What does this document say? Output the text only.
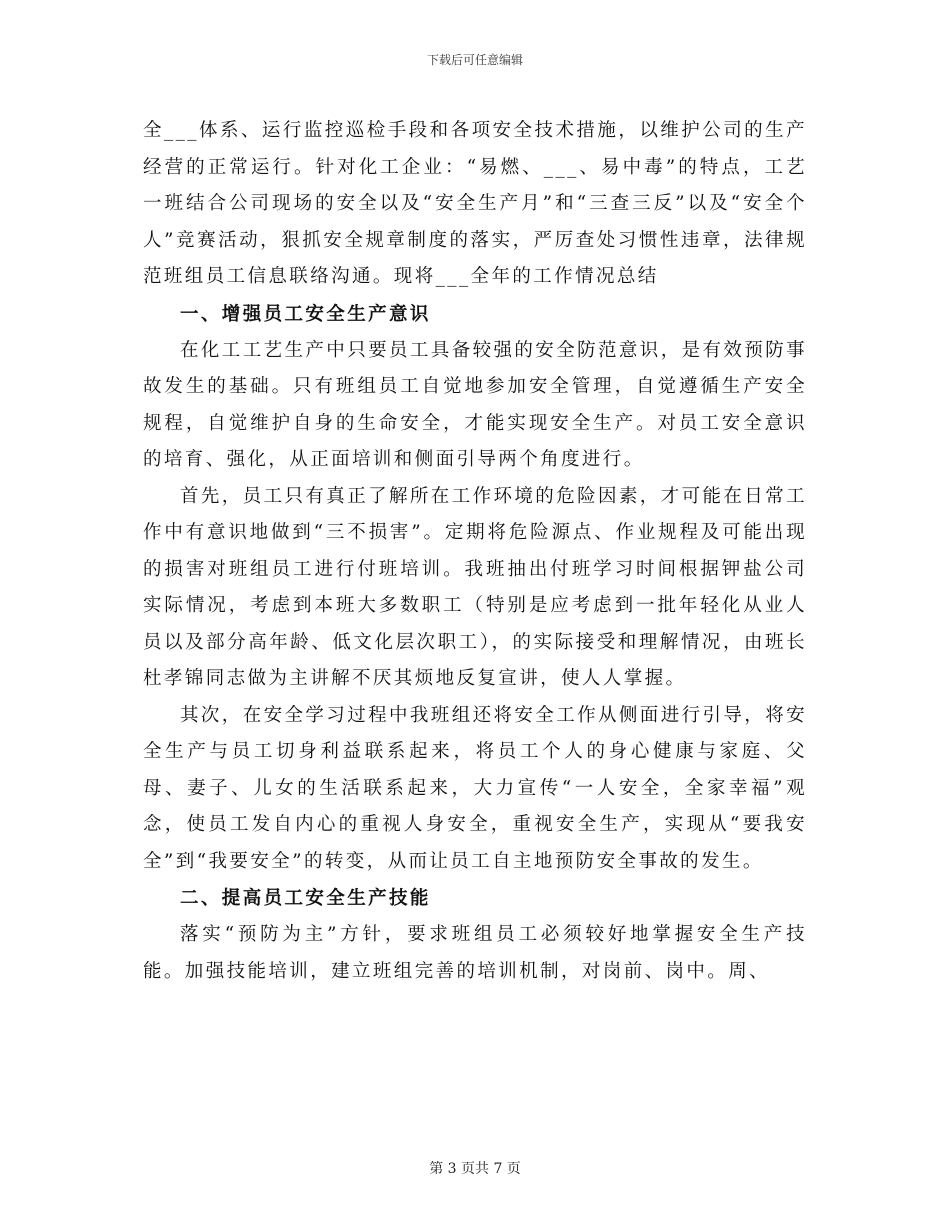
下载后可任意编辑

全___体系、运行监控巡检手段和各项安全技术措施，以维护公司的生产经营的正常运行。针对化工企业：“易燃、___、易中毒”的特点，工艺一班结合公司现场的安全以及“安全生产月”和“三查三反”以及“安全个人”竞赛活动，狠抓安全规章制度的落实，严厉查处习惯性违章，法律规范班组员工信息联络沟通。现将___全年的工作情况总结

一、增强员工安全生产意识

在化工工艺生产中只要员工具备较强的安全防范意识，是有效预防事故发生的基础。只有班组员工自觉地参加安全管理，自觉遵循生产安全规程，自觉维护自身的生命安全，才能实现安全生产。对员工安全意识的培育、强化，从正面培训和侧面引导两个角度进行。

首先，员工只有真正了解所在工作环境的危险因素，才可能在日常工作中有意识地做到“三不损害”。定期将危险源点、作业规程及可能出现的损害对班组员工进行付班培训。我班抽出付班学习时间根据钾盐公司实际情况，考虑到本班大多数职工（特别是应考虑到一批年轻化从业人员以及部分高年龄、低文化层次职工），的实际接受和理解情况，由班长杜孝锦同志做为主讲解不厌其烦地反复宣讲，使人人掌握。

其次，在安全学习过程中我班组还将安全工作从侧面进行引导，将安全生产与员工切身利益联系起来，将员工个人的身心健康与家庭、父母、妻子、儿女的生活联系起来，大力宣传“一人安全，全家幸福”观念，使员工发自内心的重视人身安全，重视安全生产，实现从“要我安全”到“我要安全”的转变，从而让员工自主地预防安全事故的发生。

二、提高员工安全生产技能

落实“预防为主”方针，要求班组员工必须较好地掌握安全生产技能。加强技能培训，建立班组完善的培训机制，对岗前、岗中。周、

第 3 页共 7 页
